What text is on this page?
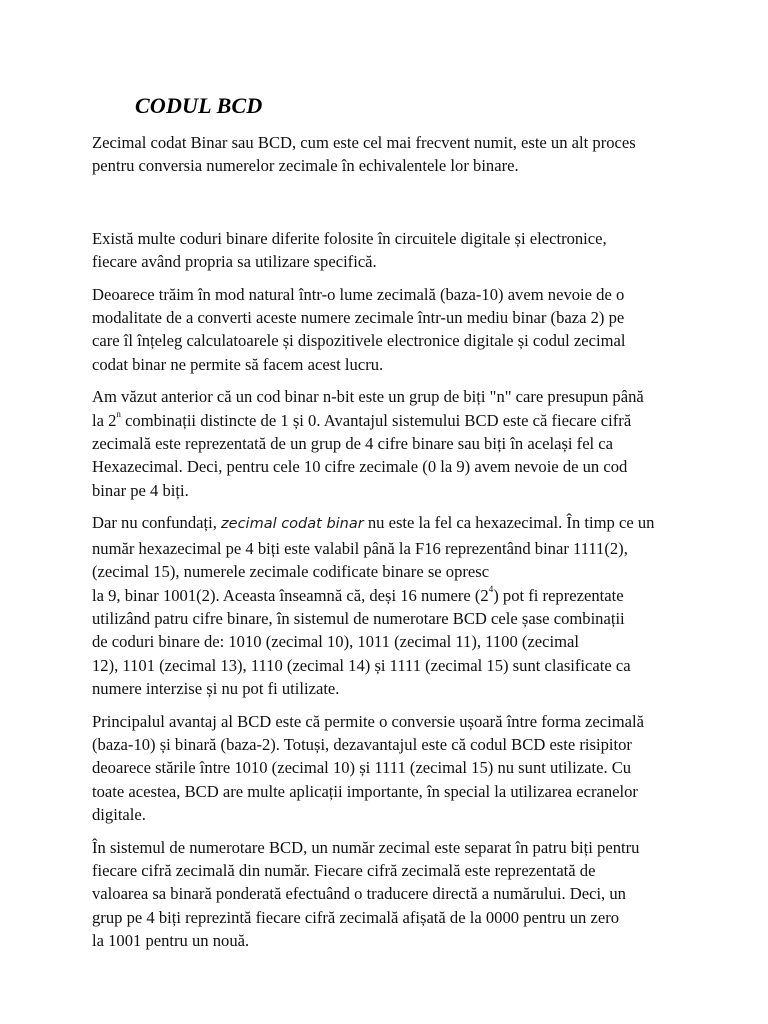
CODUL BCD

Zecimal codat Binar sau BCD, cum este cel mai frecvent numit, este un alt proces
pentru conversia numerelor zecimale în echivalentele lor binare.

Există multe coduri binare diferite folosite în circuitele digitale și electronice,
fiecare având propria sa utilizare specifică.

Deoarece trăim în mod natural într-o lume zecimală (baza-10) avem nevoie de o
modalitate de a converti aceste numere zecimale într-un mediu binar (baza 2) pe
care îl înțeleg calculatoarele și dispozitivele electronice digitale și codul zecimal
codat binar ne permite să facem acest lucru.

Am văzut anterior că un cod binar n-bit este un grup de biți "n" care presupun până
la 2$^n$ combinații distincte de 1 și 0. Avantajul sistemului BCD este că fiecare cifră
zecimală este reprezentată de un grup de 4 cifre binare sau biți în același fel ca
Hexazecimal. Deci, pentru cele 10 cifre zecimale (0 la 9) avem nevoie de un cod
binar pe 4 biți.

Dar nu confundați, zecimal codat binar nu este la fel ca hexazecimal. În timp ce un
număr hexazecimal pe 4 biți este valabil până la F16 reprezentând binar 1111(2),
(zecimal 15), numerele zecimale codificate binare se opresc
la 9, binar 1001(2). Aceasta înseamnă că, deși 16 numere $(2^4)$ pot fi reprezentate
utilizând patru cifre binare, în sistemul de numerotare BCD cele șase combinații
de coduri binare de: 1010 (zecimal 10), 1011 (zecimal 11), 1100 (zecimal
12), 1101 (zecimal 13), 1110 (zecimal 14) și 1111 (zecimal 15) sunt clasificate ca
numere interzise și nu pot fi utilizate.

Principalul avantaj al BCD este că permite o conversie ușoară între forma zecimală
(baza-10) și binară (baza-2). Totuși, dezavantajul este că codul BCD este risipitor
deoarece stările între 1010 (zecimal 10) și 1111 (zecimal 15) nu sunt utilizate. Cu
toate acestea, BCD are multe aplicații importante, în special la utilizarea ecranelor
digitale.

În sistemul de numerotare BCD, un număr zecimal este separat în patru biți pentru
fiecare cifră zecimală din număr. Fiecare cifră zecimală este reprezentată de
valoarea sa binară ponderată efectuând o traducere directă a numărului. Deci, un
grup pe 4 biți reprezintă fiecare cifră zecimală afișată de la 0000 pentru un zero
la 1001 pentru un nouă.
